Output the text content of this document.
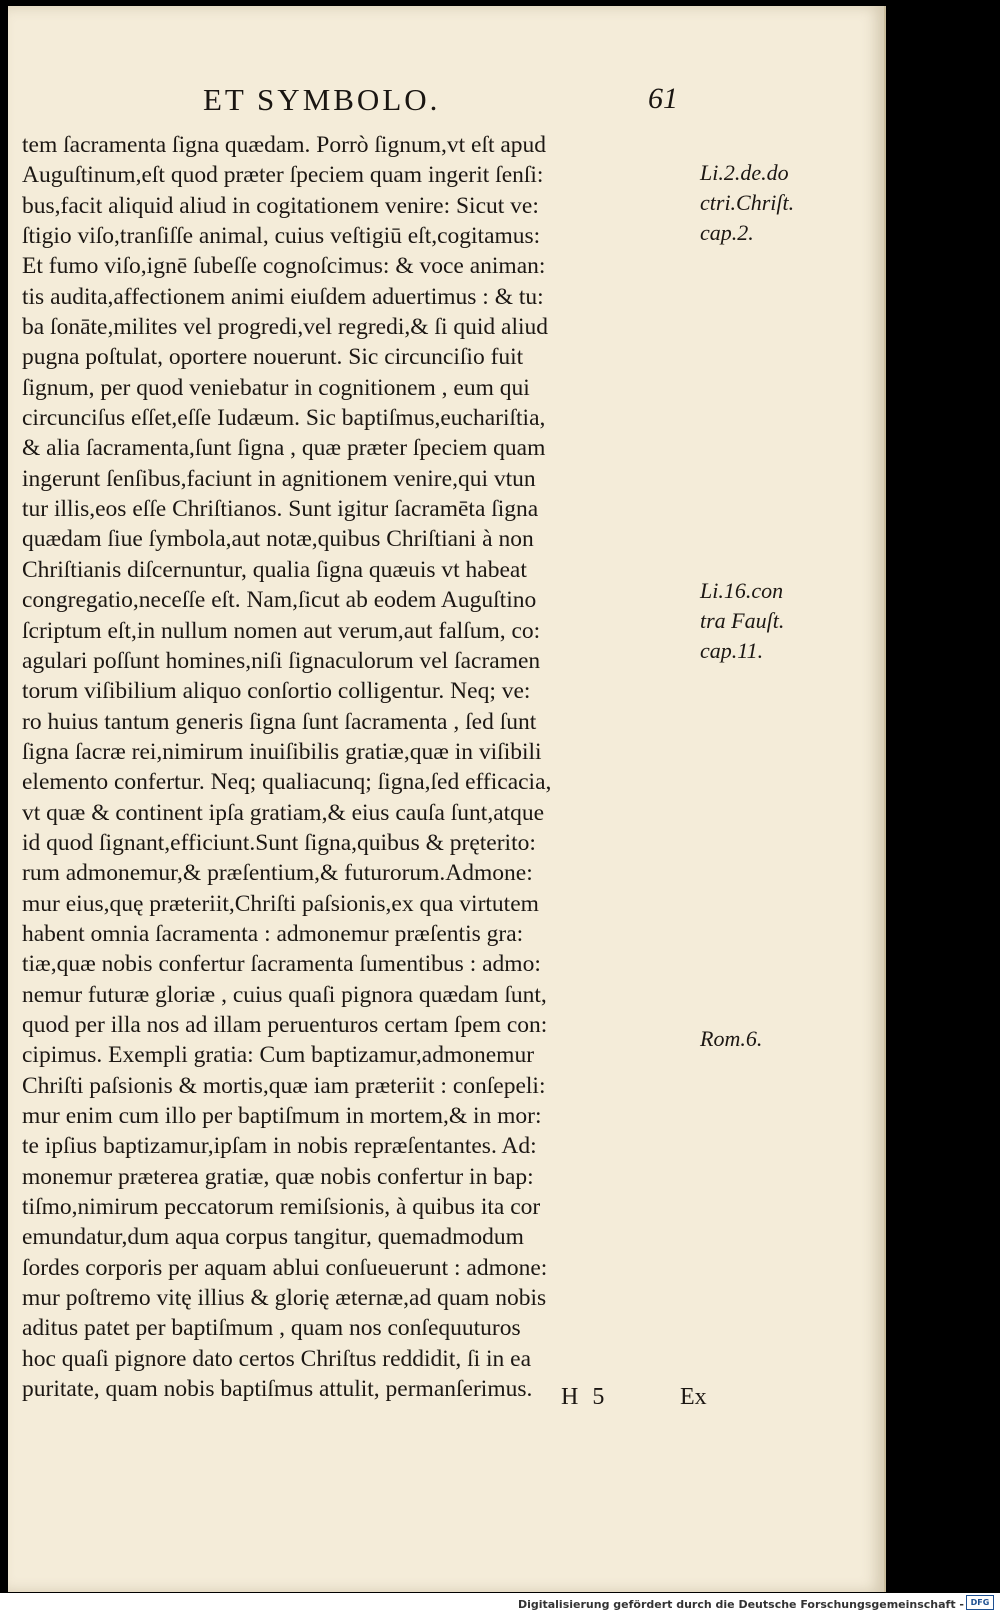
ET SYMBOLO.	61
tem ſacramenta ſigna quædam. Porrò ſignum,vt eſt apud
Auguſtinum,eſt quod præter ſpeciem quam ingerit ſenſi:
bus,facit aliquid aliud in cogitationem venire: Sicut ve:
ſtigio viſo,tranſiſſe animal, cuius veſtigiū eſt,cogitamus:
Et fumo viſo,ignē ſubeſſe cognoſcimus: & voce animan:
tis audita,affectionem animi eiuſdem aduertimus : & tu:
ba ſonāte,milites vel progredi,vel regredi,& ſi quid aliud
pugna poſtulat, oportere nouerunt. Sic circunciſio fuit
ſignum, per quod veniebatur in cognitionem , eum qui
circunciſus eſſet,eſſe Iudæum. Sic baptiſmus,euchariſtia,
& alia ſacramenta,ſunt ſigna , quæ præter ſpeciem quam
ingerunt ſenſibus,faciunt in agnitionem venire,qui vtun
tur illis,eos eſſe Chriſtianos. Sunt igitur ſacramēta ſigna
quædam ſiue ſymbola,aut notæ,quibus Chriſtiani à non
Chriſtianis diſcernuntur, qualia ſigna quæuis vt habeat
congregatio,neceſſe eſt. Nam,ſicut ab eodem Auguſtino
ſcriptum eſt,in nullum nomen aut verum,aut falſum, co:
agulari poſſunt homines,niſi ſignaculorum vel ſacramen
torum viſibilium aliquo conſortio colligentur. Neq; ve:
ro huius tantum generis ſigna ſunt ſacramenta , ſed ſunt
ſigna ſacræ rei,nimirum inuiſibilis gratiæ,quæ in viſibili
elemento confertur. Neq; qualiacunq; ſigna,ſed efficacia,
vt quæ & continent ipſa gratiam,& eius cauſa ſunt,atque
id quod ſignant,efficiunt.Sunt ſigna,quibus & pręterito:
rum admonemur,& præſentium,& futurorum.Admone:
mur eius,quę præteriit,Chriſti paſsionis,ex qua virtutem
habent omnia ſacramenta : admonemur præſentis gra:
tiæ,quæ nobis confertur ſacramenta ſumentibus : admo:
nemur futuræ gloriæ , cuius quaſi pignora quædam ſunt,
quod per illa nos ad illam peruenturos certam ſpem con:
cipimus. Exempli gratia: Cum baptizamur,admonemur
Chriſti paſsionis & mortis,quæ iam præteriit : conſepeli:
mur enim cum illo per baptiſmum in mortem,& in mor:
te ipſius baptizamur,ipſam in nobis repræſentantes. Ad:
monemur præterea gratiæ, quæ nobis confertur in bap:
tiſmo,nimirum peccatorum remiſsionis, à quibus ita cor
emundatur,dum aqua corpus tangitur, quemadmodum
ſordes corporis per aquam ablui conſueuerunt : admone:
mur poſtremo vitę illius & glorię æternæ,ad quam nobis
aditus patet per baptiſmum , quam nos conſequuturos
hoc quaſi pignore dato certos Chriſtus reddidit, ſi in ea
puritate, quam nobis baptiſmus attulit, permanſerimus.
Li.2.de.do
ctri.Chriſt.
cap.2.
Li.16.con
tra Fauſt.
cap.11.
Rom.6.
H 5	Ex
Digitalisierung gefördert durch die Deutsche Forschungsgemeinschaft - DFG
